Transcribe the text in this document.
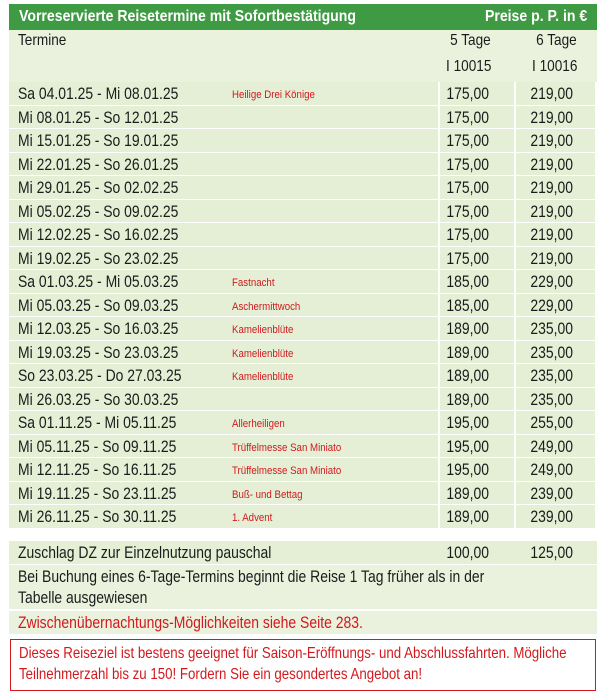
Vorreservierte Reisetermine mit Sofortbestätigung	Preise p. P. in €
Termine	5 Tage	6 Tage
I 10015	I 10016
Sa 04.01.25 - Mi 08.01.25	Heilige Drei Könige	175,00 219,00
Mi 08.01.25 - So 12.01.25	175,00 219,00
Mi 15.01.25 - So 19.01.25	175,00 219,00
Mi 22.01.25 - So 26.01.25	175,00 219,00
Mi 29.01.25 - So 02.02.25	175,00 219,00
Mi 05.02.25 - So 09.02.25	175,00 219,00
Mi 12.02.25 - So 16.02.25	175,00 219,00
Mi 19.02.25 - So 23.02.25	175,00 219,00
Sa 01.03.25 - Mi 05.03.25	Fastnacht	185,00 229,00
Mi 05.03.25 - So 09.03.25	Aschermittwoch	185,00 229,00
Mi 12.03.25 - So 16.03.25	Kamelienblüte	189,00 235,00
Mi 19.03.25 - So 23.03.25	Kamelienblüte	189,00 235,00
So 23.03.25 - Do 27.03.25	Kamelienblüte	189,00 235,00
Mi 26.03.25 - So 30.03.25	189,00 235,00
Sa 01.11.25 - Mi 05.11.25	Allerheiligen	195,00 255,00
Mi 05.11.25 - So 09.11.25	Trüffelmesse San Miniato	195,00 249,00
Mi 12.11.25 - So 16.11.25	Trüffelmesse San Miniato	195,00 249,00
Mi 19.11.25 - So 23.11.25	Buß- und Bettag	189,00 239,00
Mi 26.11.25 - So 30.11.25	1. Advent	189,00 239,00
Zuschlag DZ zur Einzelnutzung pauschal	100,00 125,00
Bei Buchung eines 6-Tage-Termins beginnt die Reise 1 Tag früher als in der
Tabelle ausgewiesen
Zwischenübernachtungs-Möglichkeiten siehe Seite 283.
Dieses Reiseziel ist bestens geeignet für Saison-Eröffnungs- und Abschlussfahrten. Mögliche
Teilnehmerzahl bis zu 150! Fordern Sie ein gesondertes Angebot an!
